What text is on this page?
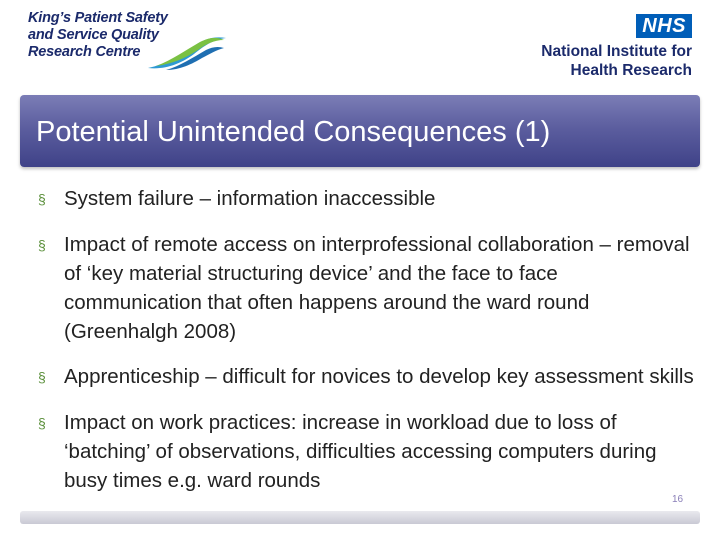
King’s Patient Safety
and Service Quality
Research Centre
NHS
National Institute for
Health Research
Potential Unintended Consequences (1)
§ System failure – information inaccessible
§ Impact of remote access on interprofessional collaboration – removal of ‘key material structuring device’ and the face to face communication that often happens around the ward round (Greenhalgh 2008)
§ Apprenticeship – difficult for novices to develop key assessment skills
§ Impact on work practices: increase in workload due to loss of ‘batching’ of observations, difficulties accessing computers during busy times e.g. ward rounds
16
